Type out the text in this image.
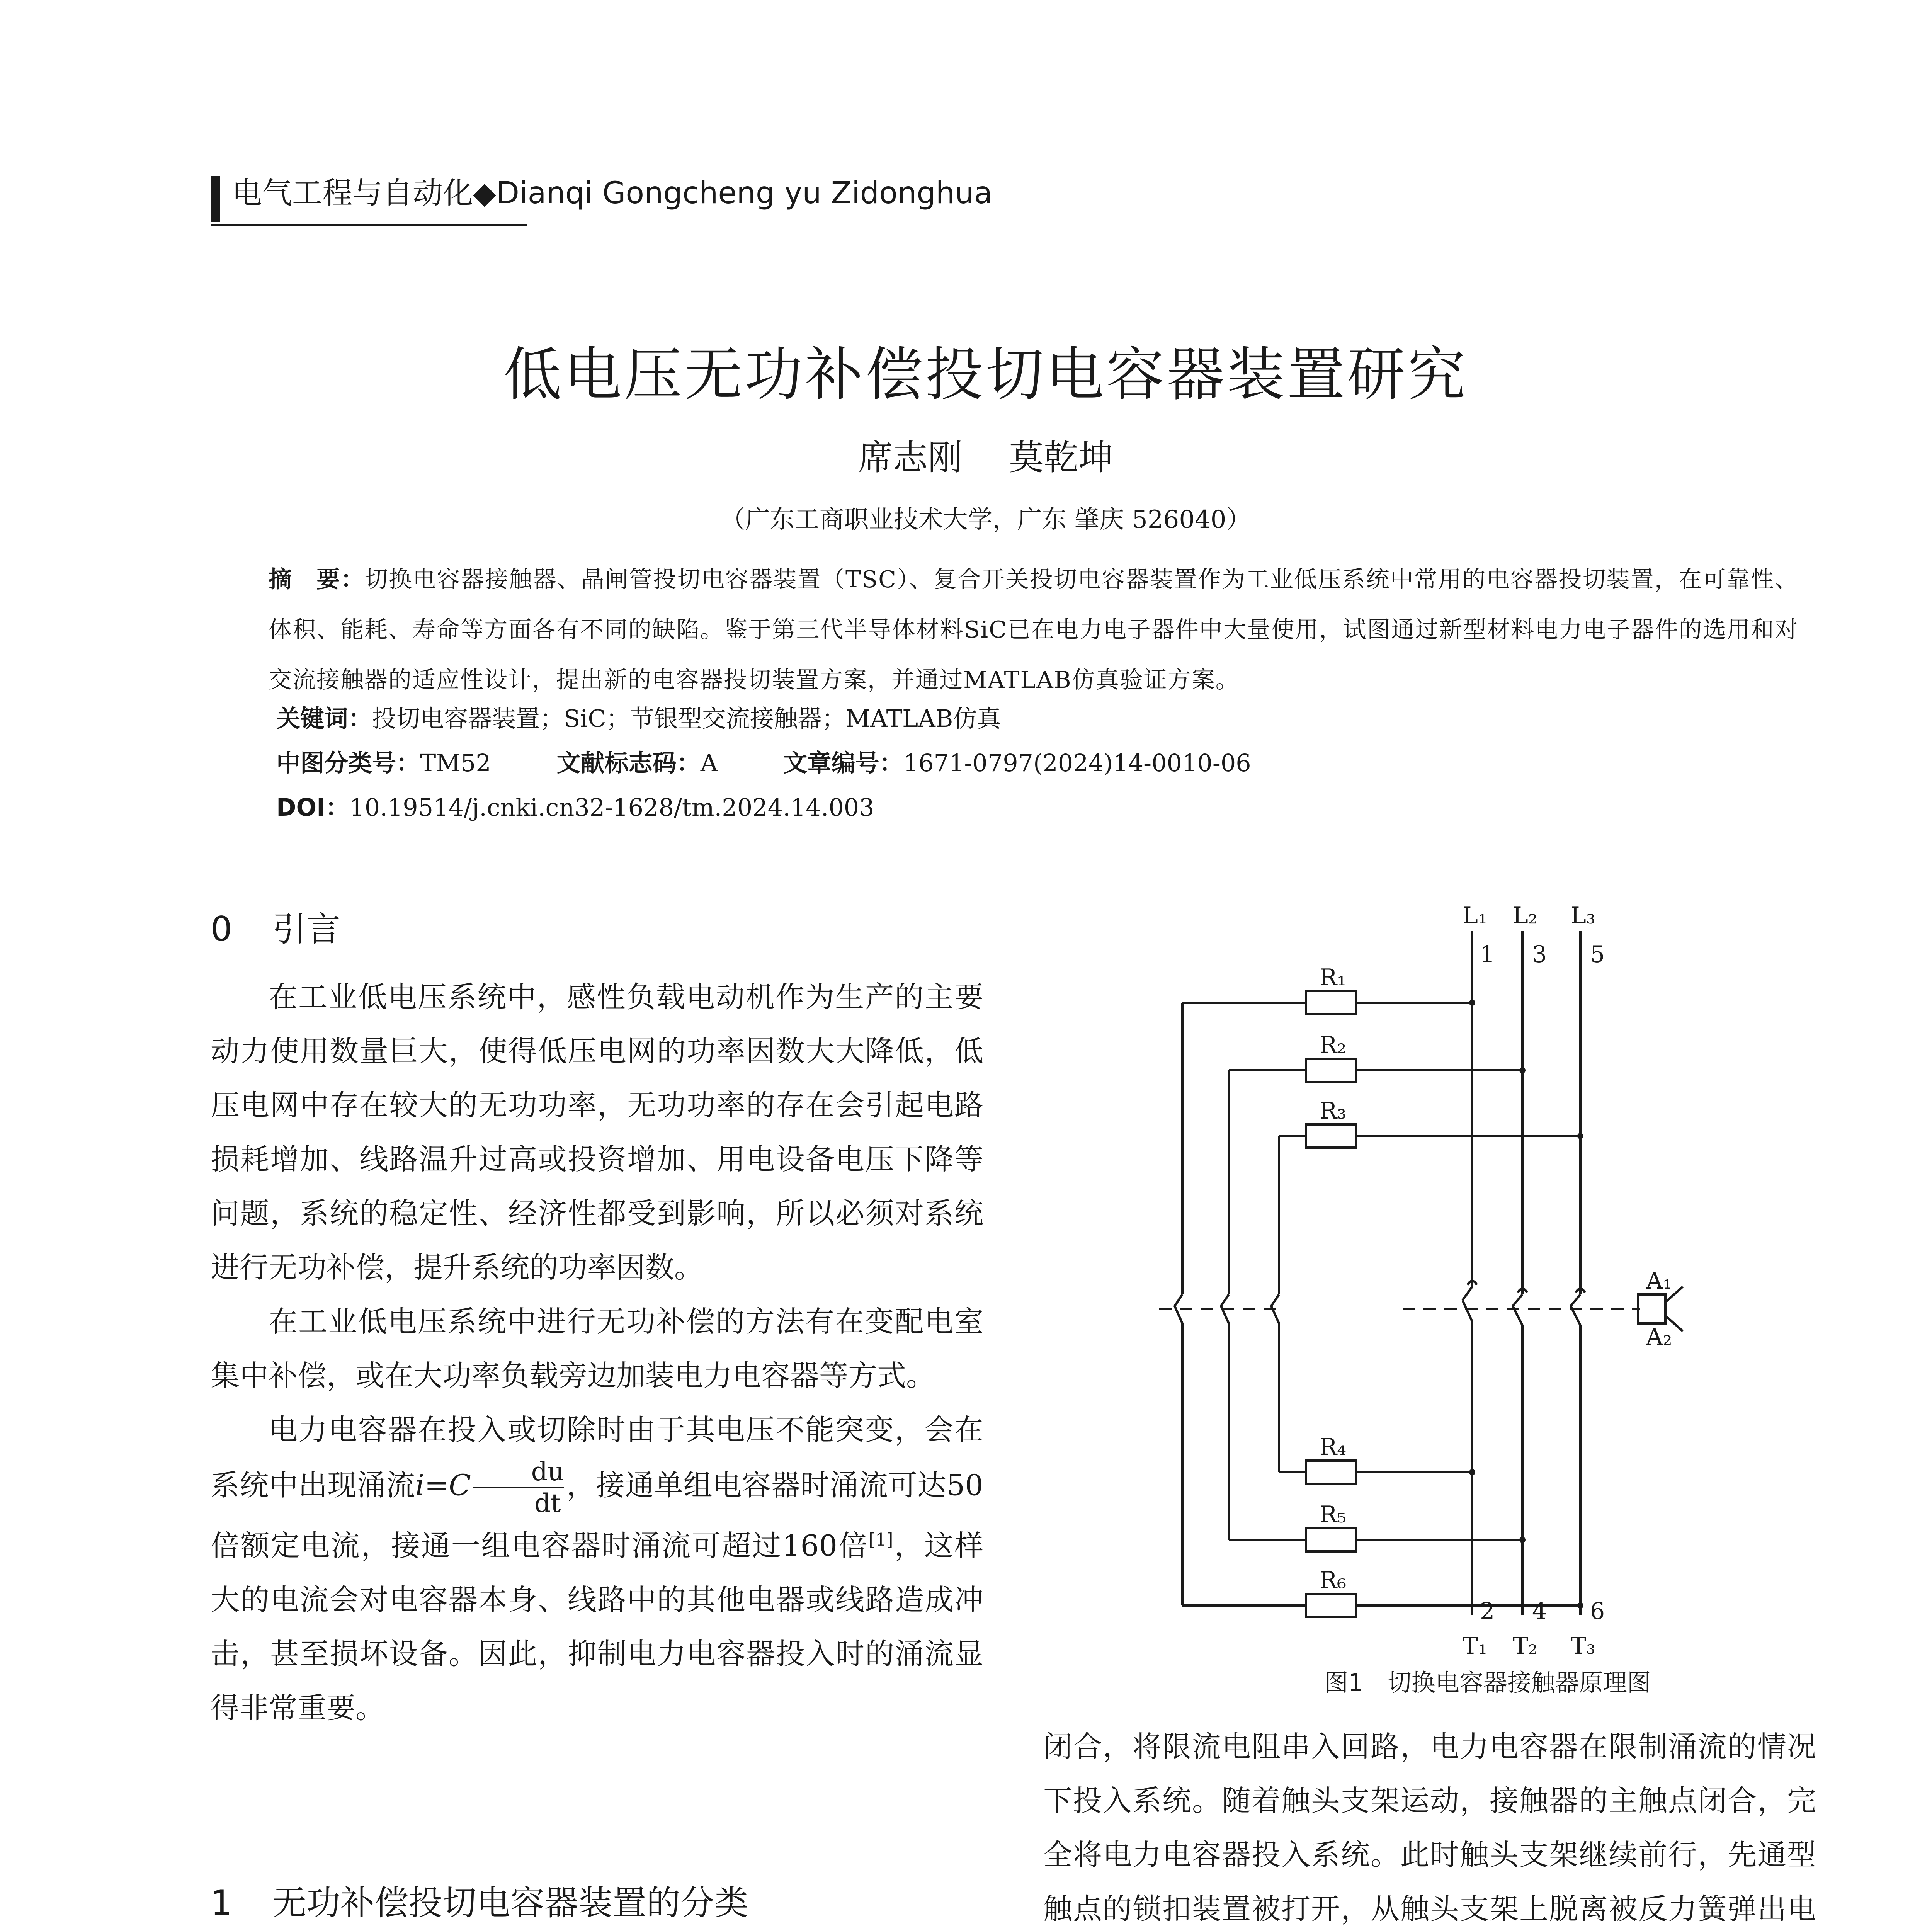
电气工程与自动化◆Dianqi Gongcheng yu Zidonghua
低电压无功补偿投切电容器装置研究
席志刚 莫乾坤
（广东工商职业技术大学，广东 肇庆 526040）
摘　要：切换电容器接触器、晶闸管投切电容器装置（TSC）、复合开关投切电容器装置作为工业低压系统中常用的电容器投切装置，在可靠性、体积、能耗、寿命等方面各有不同的缺陷。鉴于第三代半导体材料SiC已在电力电子器件中大量使用，试图通过新型材料电力电子器件的选用和对交流接触器的适应性设计，提出新的电容器投切装置方案，并通过MATLAB仿真验证方案。
关键词：投切电容器装置；SiC；节银型交流接触器；MATLAB仿真
中图分类号：TM52	文献标志码：A	文章编号：1671-0797(2024)14-0010-06
DOI：10.19514/j.cnki.cn32-1628/tm.2024.14.003
0 引言

在工业低电压系统中，感性负载电动机作为生产的主要动力使用数量巨大，使得低压电网的功率因数大大降低，低压电网中存在较大的无功功率，无功功率的存在会引起电路损耗增加、线路温升过高或投资增加、用电设备电压下降等问题，系统的稳定性、经济性都受到影响，所以必须对系统进行无功补偿，提升系统的功率因数。

在工业低电压系统中进行无功补偿的方法有在变配电室集中补偿，或在大功率负载旁边加装电力电容器等方式。

电力电容器在投入或切除时由于其电压不能突变，会在系统中出现涌流$i=C \frac{du}{dt}$ ，接通单组电容器时涌流可达50倍额定电流，接通一组电容器时涌流可超过160倍[1]，这样大的电流会对电容器本身、线路中的其他电器或线路造成冲击，甚至损坏设备。因此，抑制电力电容器投入时的涌流显得非常重要。

1 无功补偿投切电容器装置的分类

L₁ L₂ L₃
1 3 5
2 4 6
T₁ T₂ T₃
R₁
R₂
R₃
R₄
R₅
R₆
A₁
A₂
图1　切换电容器接触器原理图

闭合，将限流电阻串入回路，电力电容器在限制涌流的情况下投入系统。随着触头支架运动，接触器的主触点闭合，完全将电力电容器投入系统。此时触头支架继续前行，先通型触点的锁扣装置被打开，从触头支架上脱离被反力簧弹出电
